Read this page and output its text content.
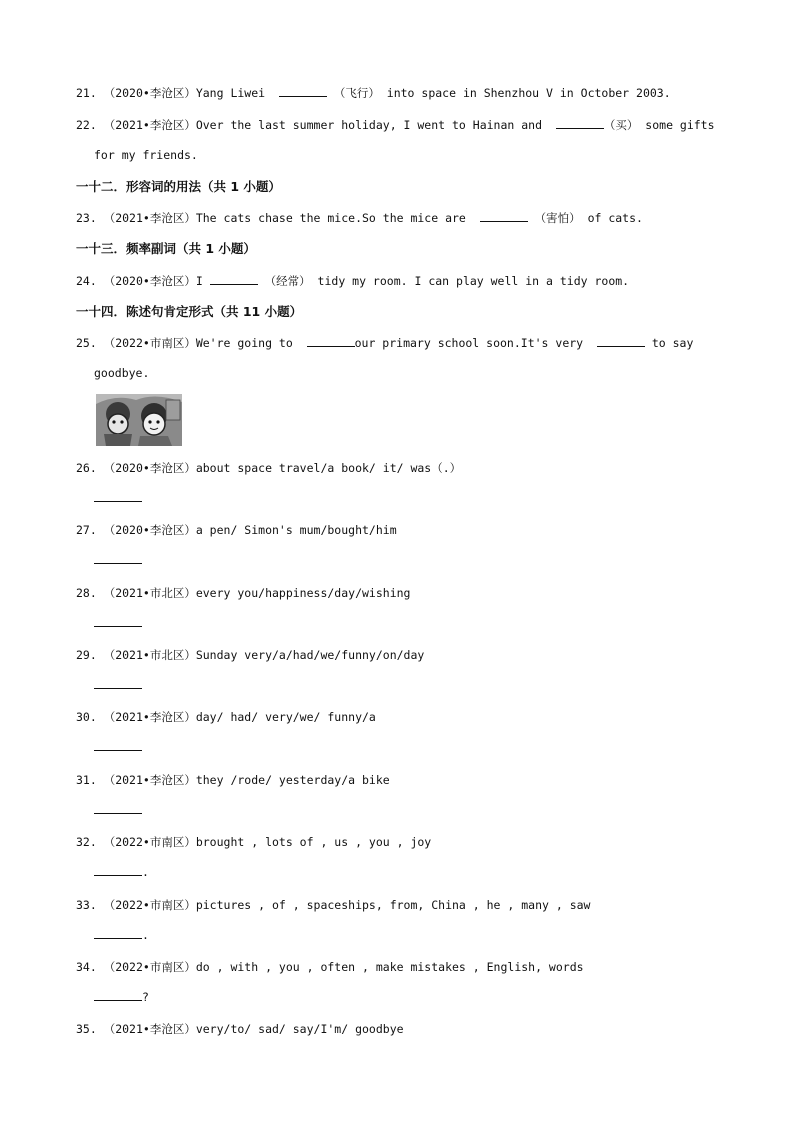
21. （2020•李沧区）Yang Liwei	（飞行） into space in Shenzhou V in October 2003.
22. （2021•李沧区）Over the last summer holiday, I went to Hainan and	（买） some gifts
for my friends.
一十二．形容词的用法（共 1 小题）
23. （2021•李沧区）The cats chase the mice.So the mice are	（害怕） of cats.
一十三．频率副词（共 1 小题）
24. （2020•李沧区）I	（经常） tidy my room. I can play well in a tidy room.
一十四．陈述句肯定形式（共 11 小题）
25. （2022•市南区）We're going to	our primary school soon.It's very	to say
goodbye.
26. （2020•李沧区）about space travel/a book/ it/ was（.）
27. （2020•李沧区）a pen/ Simon's mum/bought/him
28. （2021•市北区）every you/happiness/day/wishing
29. （2021•市北区）Sunday very/a/had/we/funny/on/day
30. （2021•李沧区）day/ had/ very/we/ funny/a
31. （2021•李沧区）they /rode/ yesterday/a bike
32. （2022•市南区）brought , lots of , us , you , joy
.
33. （2022•市南区）pictures , of , spaceships, from, China , he , many , saw
.
34. （2022•市南区）do , with , you , often , make mistakes , English, words
?
35. （2021•李沧区）very/to/ sad/ say/I'm/ goodbye
